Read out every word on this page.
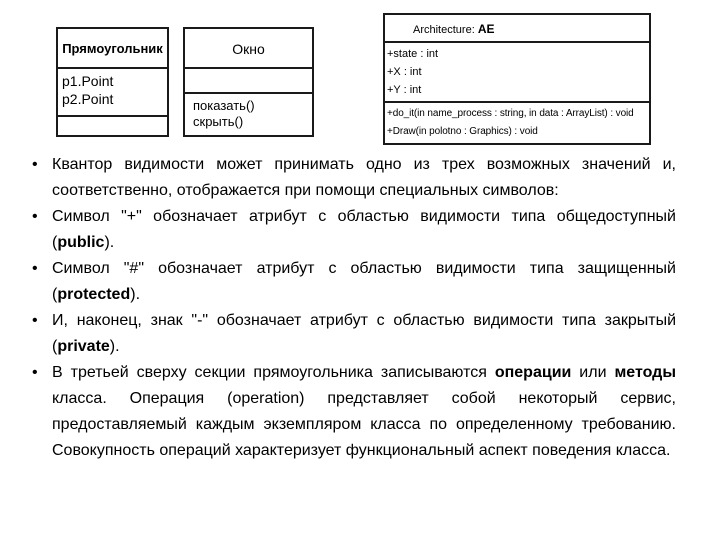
Прямоугольник
p1.Point
p2.Point
Окно
показать()
скрыть()
Architecture: AE
+state : int
+X : int
+Y : int
+do_it(in name_process : string, in data : ArrayList) : void
+Draw(in polotno : Graphics) : void
• Квантор видимости может принимать одно из трех возможных значений и, соответственно, отображается при помощи специальных символов:
• Символ "+" обозначает атрибут с областью видимости типа общедоступный (public).
• Символ "#" обозначает атрибут с областью видимости типа защищенный (protected).
• И, наконец, знак "-" обозначает атрибут с областью видимости типа закрытый (private).
• В третьей сверху секции прямоугольника записываются операции или методы класса. Операция (operation) представляет собой некоторый сервис, предоставляемый каждым экземпляром класса по определенному требованию. Совокупность операций характеризует функциональный аспект поведения класса.
